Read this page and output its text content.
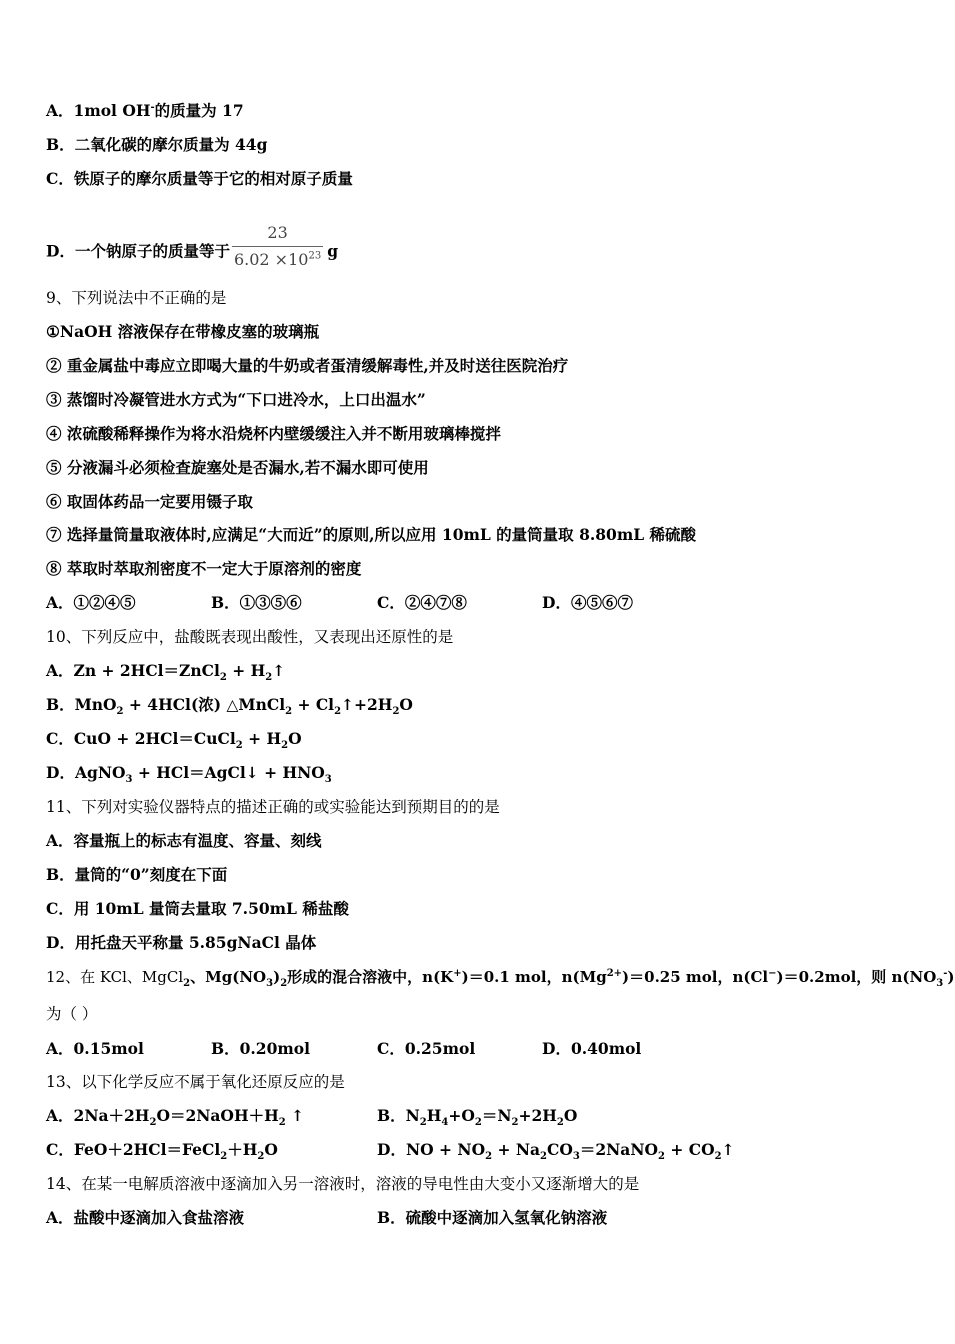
A．1mol OH-的质量为 17
B．二氧化碳的摩尔质量为 44g
C．铁原子的摩尔质量等于它的相对原子质量
D．一个钠原子的质量等于 $\frac{23}{6.02 \times 10^{23}}$ g
9、下列说法中不正确的是
①NaOH 溶液保存在带橡皮塞的玻璃瓶
② 重金属盐中毒应立即喝大量的牛奶或者蛋清缓解毒性,并及时送往医院治疗
③ 蒸馏时冷凝管进水方式为“下口进冷水，上口出温水”
④ 浓硫酸稀释操作为将水沿烧杯内壁缓缓注入并不断用玻璃棒搅拌
⑤ 分液漏斗必须检查旋塞处是否漏水,若不漏水即可使用
⑥ 取固体药品一定要用镊子取
⑦ 选择量筒量取液体时,应满足“大而近”的原则,所以应用 10mL 的量筒量取 8.80mL 稀硫酸
⑧ 萃取时萃取剂密度不一定大于原溶剂的密度
A．①②④⑤	B．①③⑤⑥	C．②④⑦⑧	D．④⑤⑥⑦
10、下列反应中，盐酸既表现出酸性，又表现出还原性的是
A．Zn + 2HCl＝ZnCl$_2$ + $H_2↑$
B．MnO$_2$ + 4HCl(浓) △MnCl$_2$ + $Cl_2↑+2H_2O$
C．CuO + 2HCl＝CuCl$_2$ + $H_2O$
D．AgNO$_3$ + HCl＝AgCl↓ + $HNO_3$
11、下列对实验仪器特点的描述正确的或实验能达到预期目的的是
A．容量瓶上的标志有温度、容量、刻线
B．量筒的“0”刻度在下面
C．用 10mL 量筒去量取 7.50mL 稀盐酸
D．用托盘天平称量 5.85gNaCl 晶体
12、在 KCl、MgCl$_2$、$Mg(NO_3)_2$形成的混合溶液中，n(K+)＝0.1 mol，$n(Mg^{2+})=0.25$ mol，n(Cl−)＝0.2mol，则 $n(NO_3^-)$
为（ ）
A．0.15mol	B．0.20mol	C．0.25mol	D．0.40mol
13、以下化学反应不属于氧化还原反应的是
A．$2Na+2H_2O=2NaOH+H_2$ ↑	B．$N_2H_4+O_2=N_2+2H_2O$
C．$FeO+2HCl=FeCl_2+H_2O$	D．NO + $NO_2$ + $Na_2CO_3=2NaNO_2$ + $CO_2↑$
14、在某一电解质溶液中逐滴加入另一溶液时，溶液的导电性由大变小又逐渐增大的是
A．盐酸中逐滴加入食盐溶液	B．硫酸中逐滴加入氢氧化钠溶液
